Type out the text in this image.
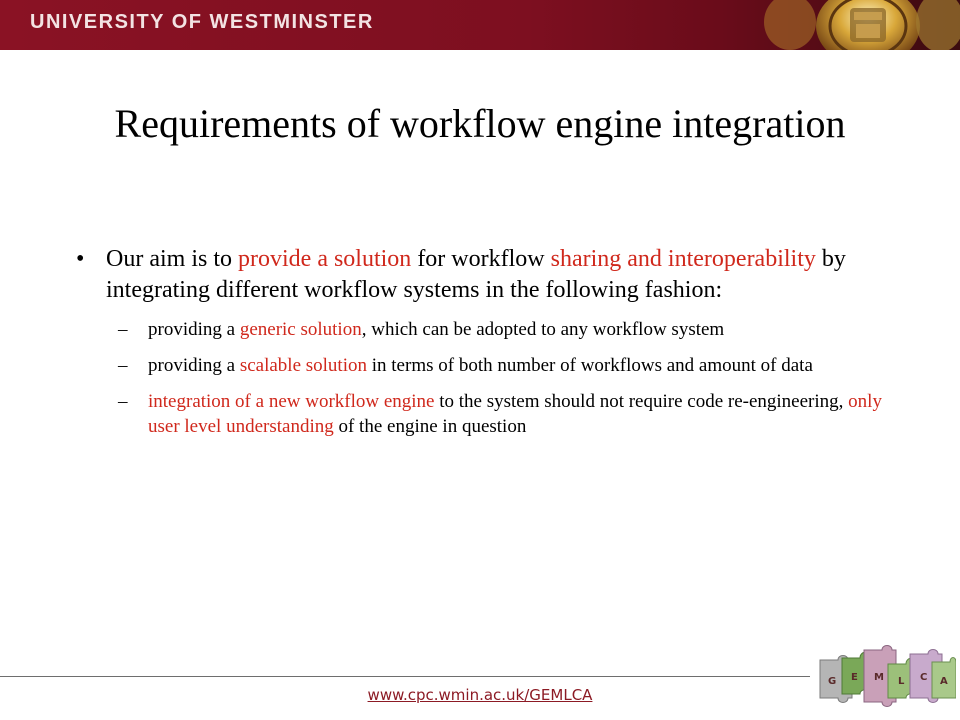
UNIVERSITY OF WESTMINSTER
Requirements of workflow engine integration

• Our aim is to provide a solution for workflow sharing and interoperability by integrating different workflow systems in the following fashion:

– providing a generic solution, which can be adopted to any workflow system

– providing a scalable solution in terms of both number of workflows and amount of data

– integration of a new workflow engine to the system should not require code re-engineering, only user level understanding of the engine in question

www.cpc.wmin.ac.uk/GEMLCA
G E M L C A
